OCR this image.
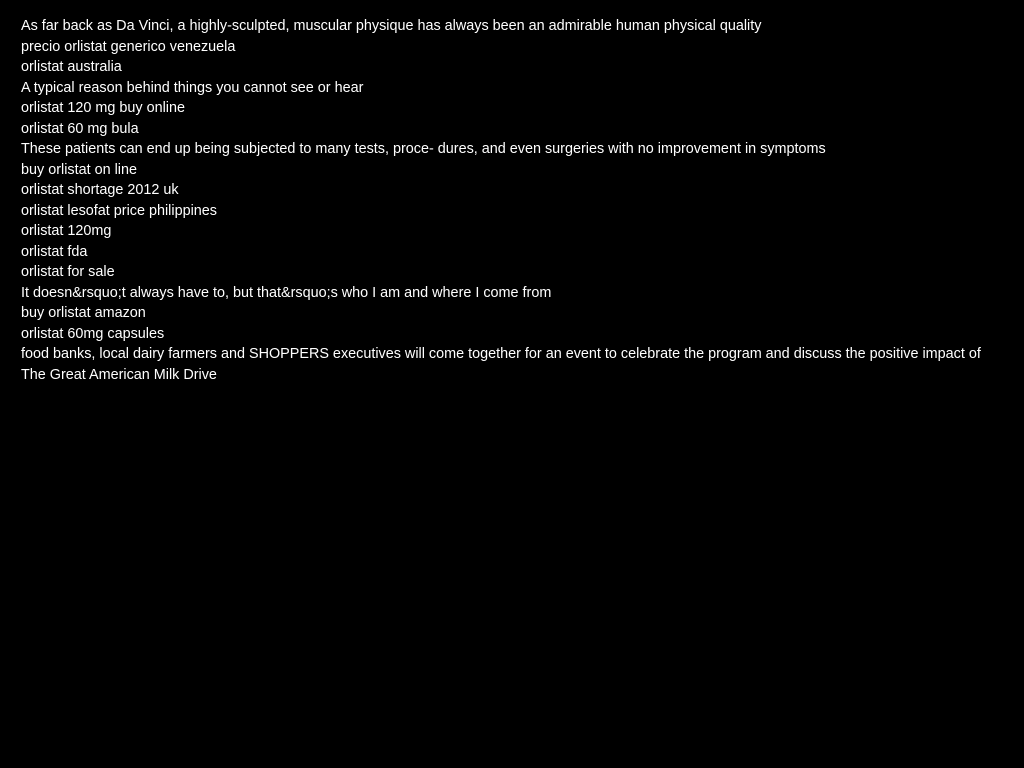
As far back as Da Vinci, a highly-sculpted, muscular physique has always been an admirable human physical quality

precio orlistat generico venezuela

orlistat australia

A typical reason behind things you cannot see or hear

orlistat 120 mg buy online

orlistat 60 mg bula

These patients can end up being subjected to many tests, proce- dures, and even surgeries with no improvement in symptoms

buy orlistat on line

orlistat shortage 2012 uk

orlistat lesofat price philippines

orlistat 120mg

orlistat fda

orlistat for sale

It doesn&rsquo;t always have to, but that&rsquo;s who I am and where I come from

buy orlistat amazon

orlistat 60mg capsules

food banks, local dairy farmers and SHOPPERS executives will come together for an event to celebrate the program and discuss the positive impact of The Great American Milk Drive
